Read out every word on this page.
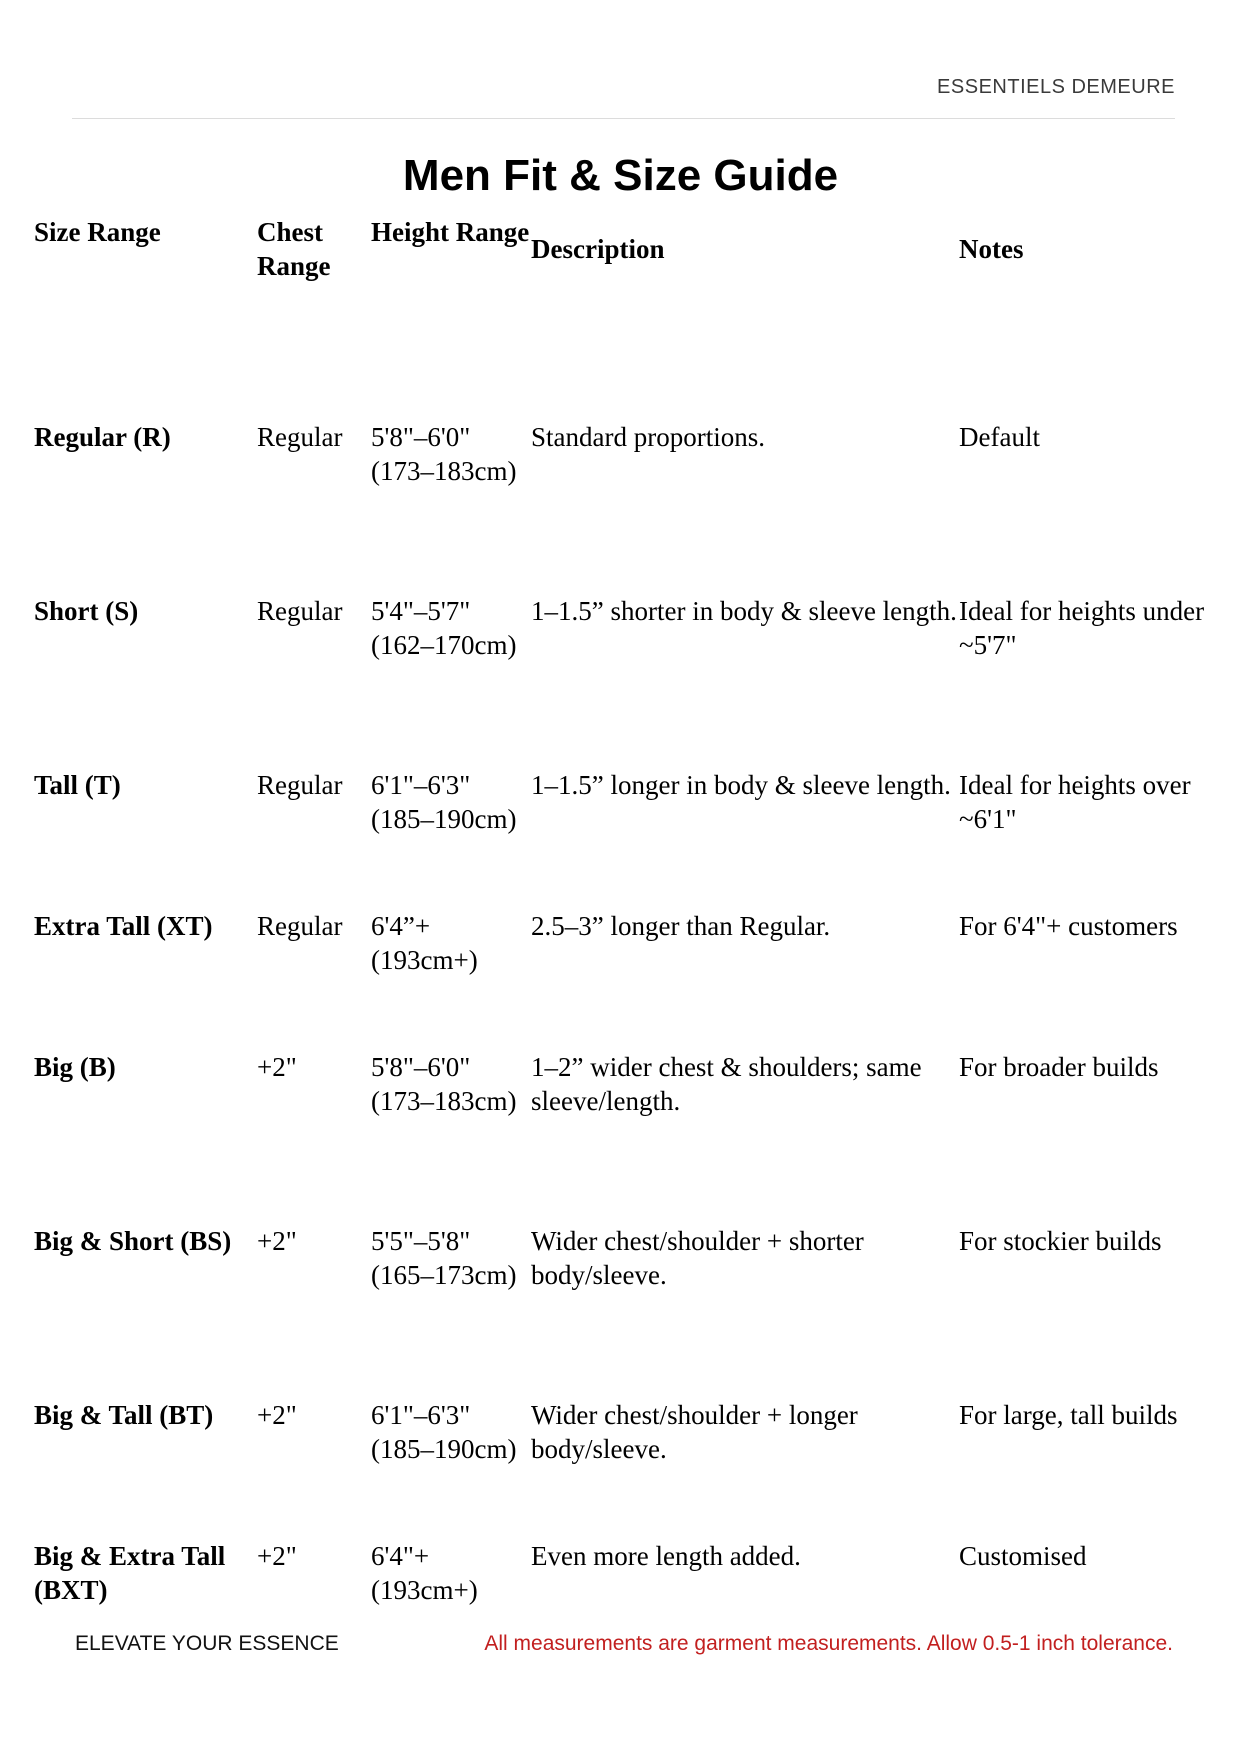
ESSENTIELS DEMEURE
Men Fit & Size Guide
Size Range	Chest Range	Height Range	Description	Notes
Regular (R)	Regular	5'8"–6'0" (173–183cm)	Standard proportions.	Default
Short (S)	Regular	5'4"–5'7" (162–170cm)	1–1.5” shorter in body & sleeve length.	Ideal for heights under ~5'7"
Tall (T)	Regular	6'1"–6'3" (185–190cm)	1–1.5” longer in body & sleeve length.	Ideal for heights over ~6'1"
Extra Tall (XT)	Regular	6'4”+ (193cm+)	2.5–3” longer than Regular.	For 6'4"+ customers
Big (B)	+2"	5'8"–6'0" (173–183cm)	1–2” wider chest & shoulders; same sleeve/length.	For broader builds
Big & Short (BS)	+2"	5'5"–5'8" (165–173cm)	Wider chest/shoulder + shorter body/sleeve.	For stockier builds
Big & Tall (BT)	+2"	6'1"–6'3" (185–190cm)	Wider chest/shoulder + longer body/sleeve.	For large, tall builds
Big & Extra Tall (BXT)	+2"	6'4"+ (193cm+)	Even more length added.	Customised
ELEVATE YOUR ESSENCE	All measurements are garment measurements. Allow 0.5-1 inch tolerance.
